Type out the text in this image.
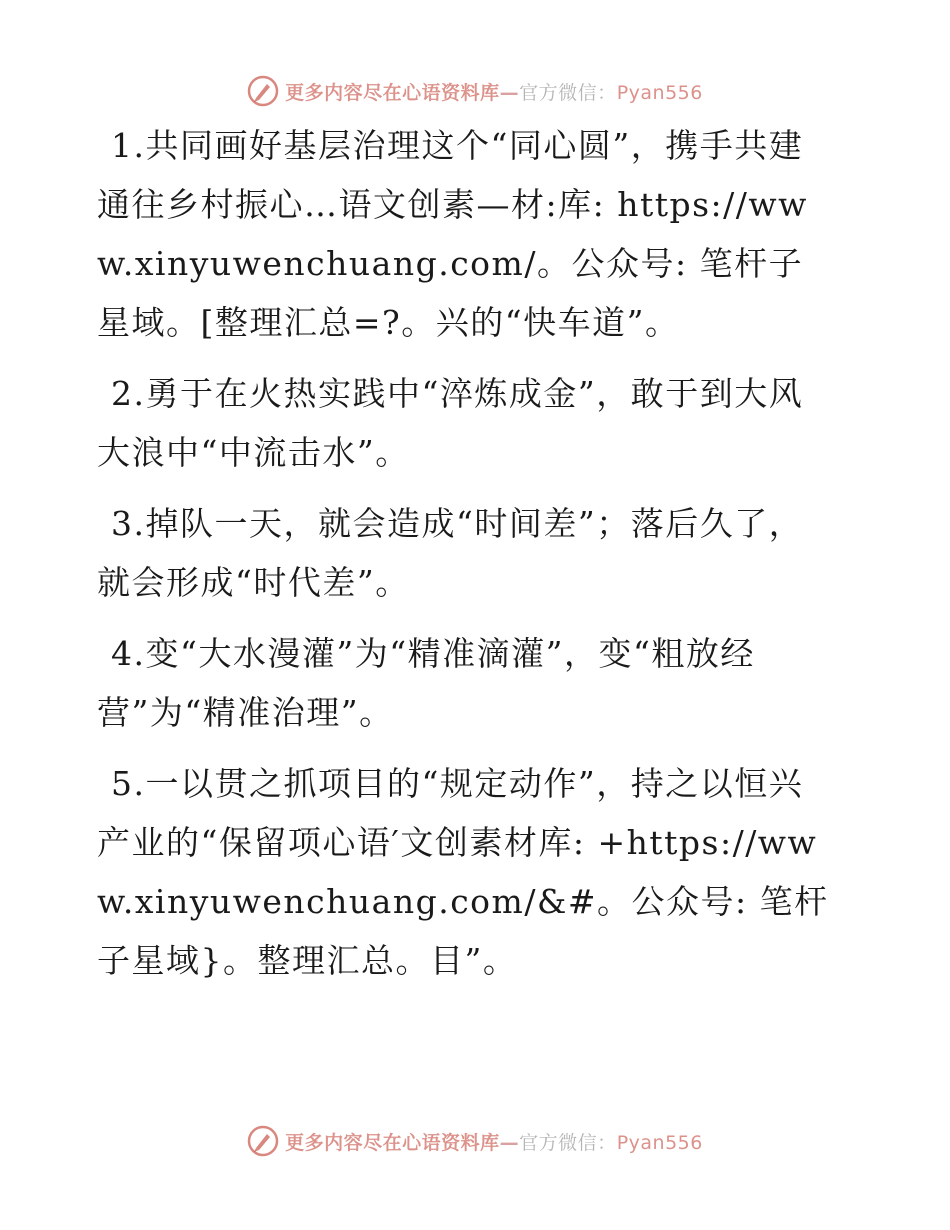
更多内容尽在心语资料库—官方微信：Pyan556

1.共同画好基层治理这个“同心圆”，携手共建通往乡村振心…语文创素—材:库: https://www.xinyuwenchuang.com/。公众号: 笔杆子星域。[整理汇总=?。兴的“快车道”。

2.勇于在火热实践中“淬炼成金”，敢于到大风大浪中“中流击水”。

3.掉队一天，就会造成“时间差”；落后久了，就会形成“时代差”。

4.变“大水漫灌”为“精准滴灌”，变“粗放经营”为“精准治理”。

5.一以贯之抓项目的“规定动作”，持之以恒兴产业的“保留项心语′文创素材库: +https://www.xinyuwenchuang.com/&#。公众号: 笔杆子星域}。整理汇总。目”。

更多内容尽在心语资料库—官方微信：Pyan556
